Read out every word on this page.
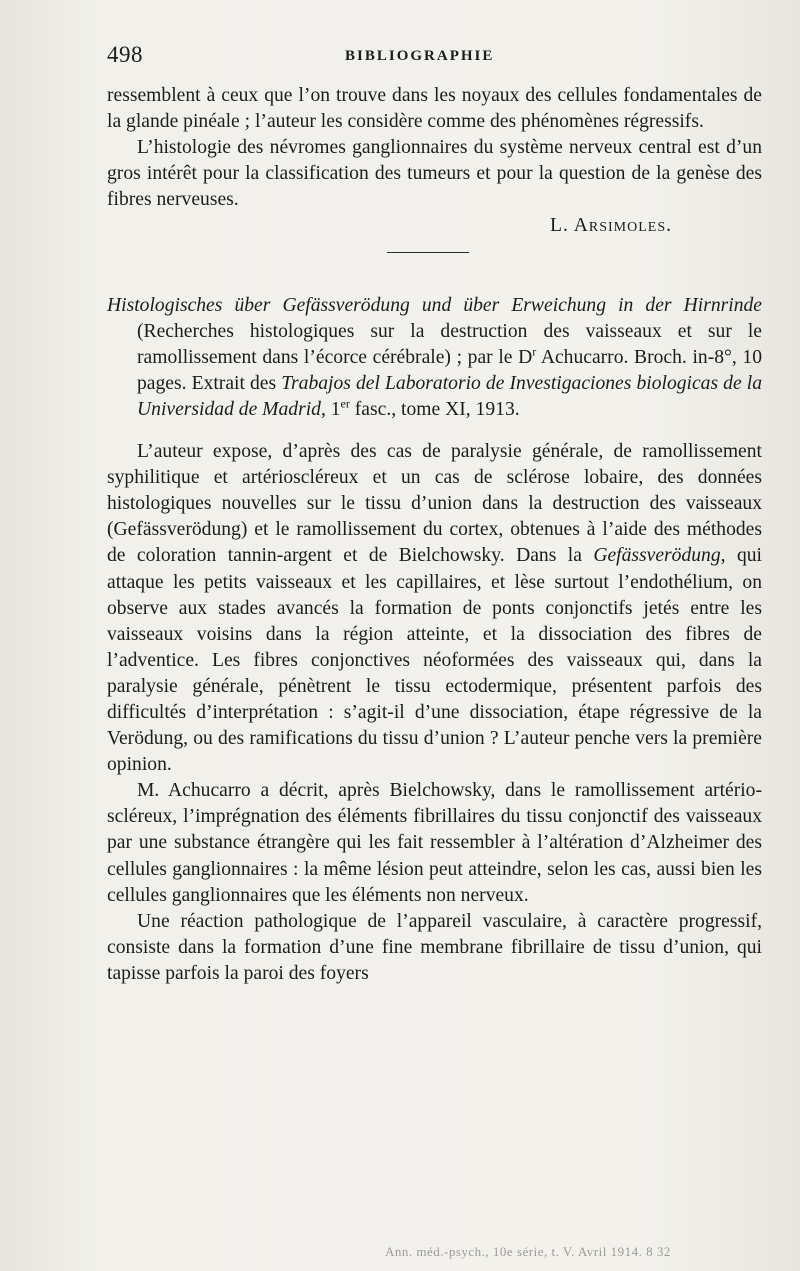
498	BIBLIOGRAPHIE

ressemblent à ceux que l’on trouve dans les noyaux des cellules fondamentales de la glande pinéale ; l’auteur les considère comme des phénomènes régressifs.

L’histologie des névromes ganglionnaires du système nerveux central est d’un gros intérêt pour la classification des tumeurs et pour la question de la genèse des fibres nerveuses.

L. Arsimoles.

Histologisches über Gefässverödung und über Erweichung in der Hirnrinde (Recherches histologiques sur la destruction des vaisseaux et sur le ramollissement dans l’écorce cérébrale) ; par le $D^r$ Achucarro. Broch. in-8°, 10 pages. Extrait des Trabajos del Laboratorio de Investigaciones biologicas de la Universidad de Madrid, 1er fasc., tome XI, 1913.

L’auteur expose, d’après des cas de paralysie générale, de ramollissement syphilitique et artérioscléreux et un cas de sclérose lobaire, des données histologiques nouvelles sur le tissu d’union dans la destruction des vaisseaux (Gefässverödung) et le ramollissement du cortex, obtenues à l’aide des méthodes de coloration tannin-argent et de Bielchowsky. Dans la Gefässverödung, qui attaque les petits vaisseaux et les capillaires, et lèse surtout l’endothélium, on observe aux stades avancés la formation de ponts conjonctifs jetés entre les vaisseaux voisins dans la région atteinte, et la dissociation des fibres de l’adventice. Les fibres conjonctives néoformées des vaisseaux qui, dans la paralysie générale, pénètrent le tissu ectodermique, présentent parfois des difficultés d’interprétation : s’agit-il d’une dissociation, étape régressive de la Verödung, ou des ramifications du tissu d’union ? L’auteur penche vers la première opinion.

M. Achucarro a décrit, après Bielchowsky, dans le ramollissement artério-scléreux, l’imprégnation des éléments fibrillaires du tissu conjonctif des vaisseaux par une substance étrangère qui les fait ressembler à l’altération d’Alzheimer des cellules ganglionnaires : la même lésion peut atteindre, selon les cas, aussi bien les cellules ganglionnaires que les éléments non nerveux.

Une réaction pathologique de l’appareil vasculaire, à caractère progressif, consiste dans la formation d’une fine membrane fibrillaire de tissu d’union, qui tapisse parfois la paroi des foyers

Ann. méd.-psych., 10e série, t. V. Avril 1914. 8 32
